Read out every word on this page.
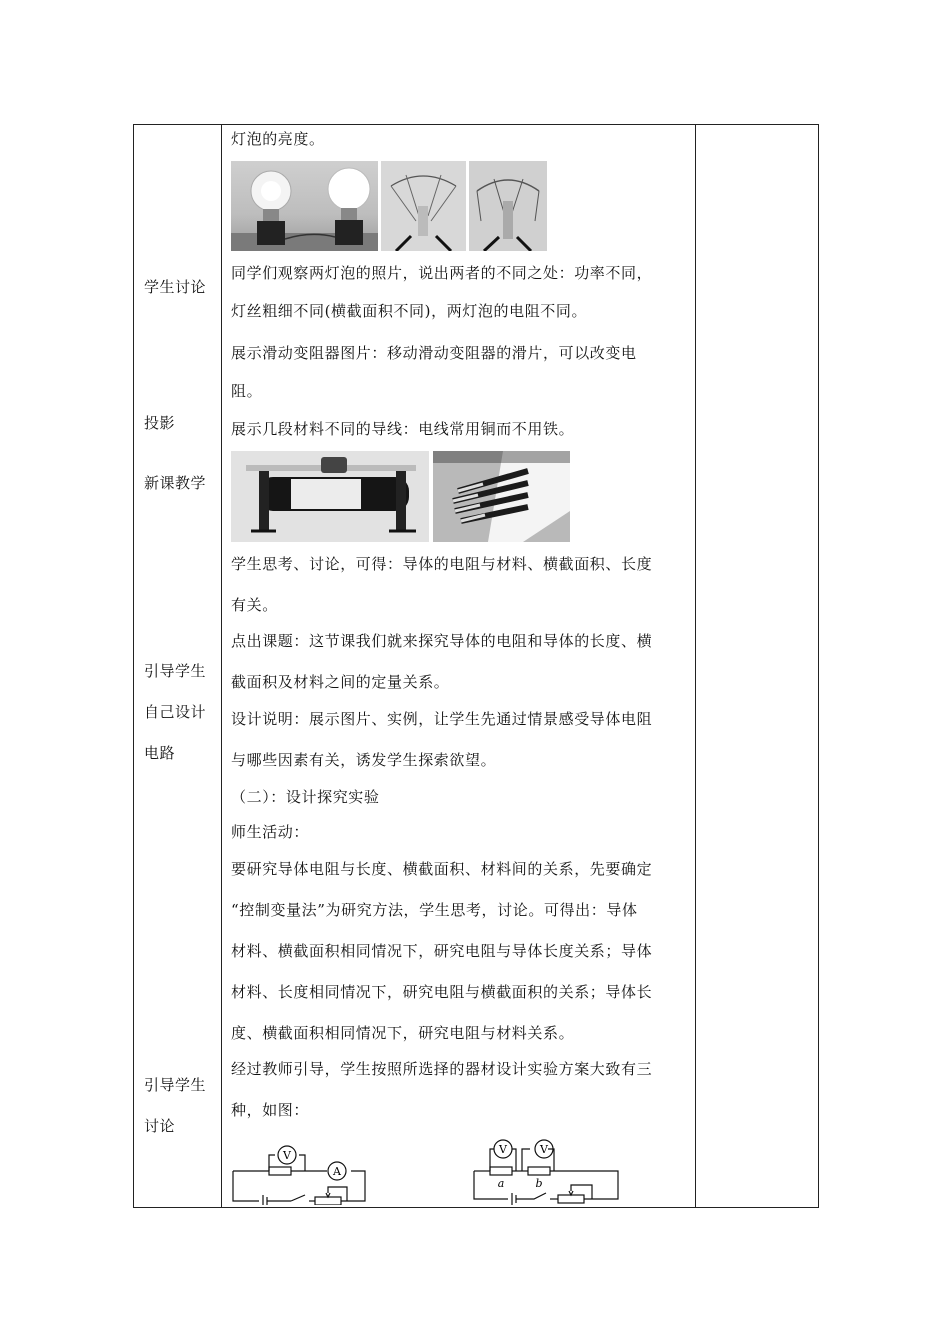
学生讨论
投影
新课教学
引导学生
自己设计
电路
引导学生
讨论
灯泡的亮度。
同学们观察两灯泡的照片，说出两者的不同之处：功率不同，
灯丝粗细不同(横截面积不同)，两灯泡的电阻不同。
展示滑动变阻器图片：移动滑动变阻器的滑片，可以改变电
阻。
展示几段材料不同的导线：电线常用铜而不用铁。
学生思考、讨论，可得：导体的电阻与材料、横截面积、长度
有关。
点出课题：这节课我们就来探究导体的电阻和导体的长度、横
截面积及材料之间的定量关系。
设计说明：展示图片、实例，让学生先通过情景感受导体电阻
与哪些因素有关，诱发学生探索欲望。
（二）：设计探究实验
师生活动：
要研究导体电阻与长度、横截面积、材料间的关系，先要确定
“控制变量法”为研究方法，学生思考，讨论。可得出：导体
材料、横截面积相同情况下，研究电阻与导体长度关系；导体
材料、长度相同情况下，研究电阻与横截面积的关系；导体长
度、横截面积相同情况下，研究电阻与材料关系。
经过教师引导，学生按照所选择的器材设计实验方案大致有三
种，如图：
V
A
V	V
a	b
